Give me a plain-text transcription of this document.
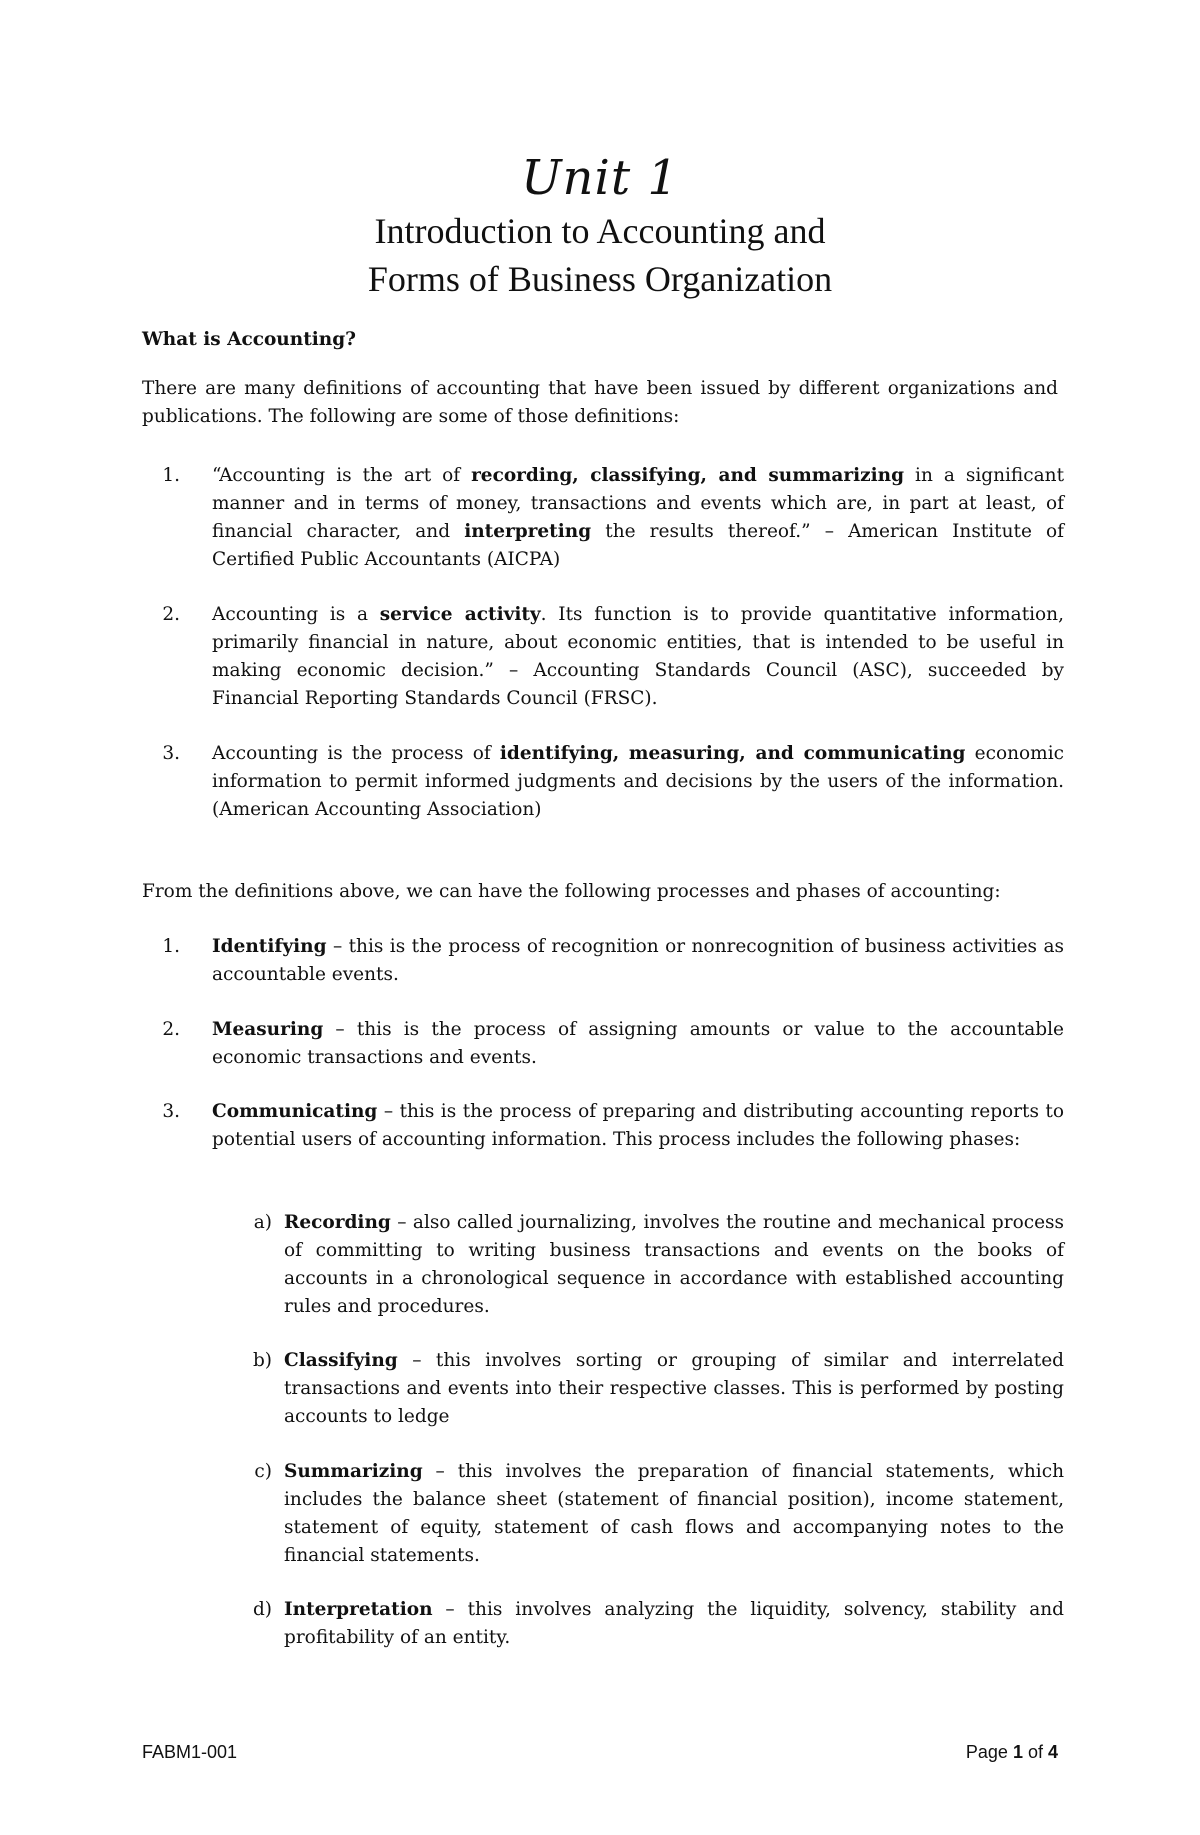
Unit 1
Introduction to Accounting and
Forms of Business Organization
What is Accounting?
There are many definitions of accounting that have been issued by different organizations and publications. The following are some of those definitions:
1. “Accounting is the art of recording, classifying, and summarizing in a significant manner and in terms of money, transactions and events which are, in part at least, of financial character, and interpreting the results thereof.” – American Institute of Certified Public Accountants (AICPA)
2. Accounting is a service activity. Its function is to provide quantitative information, primarily financial in nature, about economic entities, that is intended to be useful in making economic decision.” – Accounting Standards Council (ASC), succeeded by Financial Reporting Standards Council (FRSC).
3. Accounting is the process of identifying, measuring, and communicating economic information to permit informed judgments and decisions by the users of the information. (American Accounting Association)
From the definitions above, we can have the following processes and phases of accounting:
1. Identifying – this is the process of recognition or nonrecognition of business activities as accountable events.
2. Measuring – this is the process of assigning amounts or value to the accountable economic transactions and events.
3. Communicating – this is the process of preparing and distributing accounting reports to potential users of accounting information. This process includes the following phases:
a) Recording – also called journalizing, involves the routine and mechanical process of committing to writing business transactions and events on the books of accounts in a chronological sequence in accordance with established accounting rules and procedures.
b) Classifying – this involves sorting or grouping of similar and interrelated transactions and events into their respective classes. This is performed by posting accounts to ledge
c) Summarizing – this involves the preparation of financial statements, which includes the balance sheet (statement of financial position), income statement, statement of equity, statement of cash flows and accompanying notes to the financial statements.
d) Interpretation – this involves analyzing the liquidity, solvency, stability and profitability of an entity.
FABM1-001	Page 1 of 4
